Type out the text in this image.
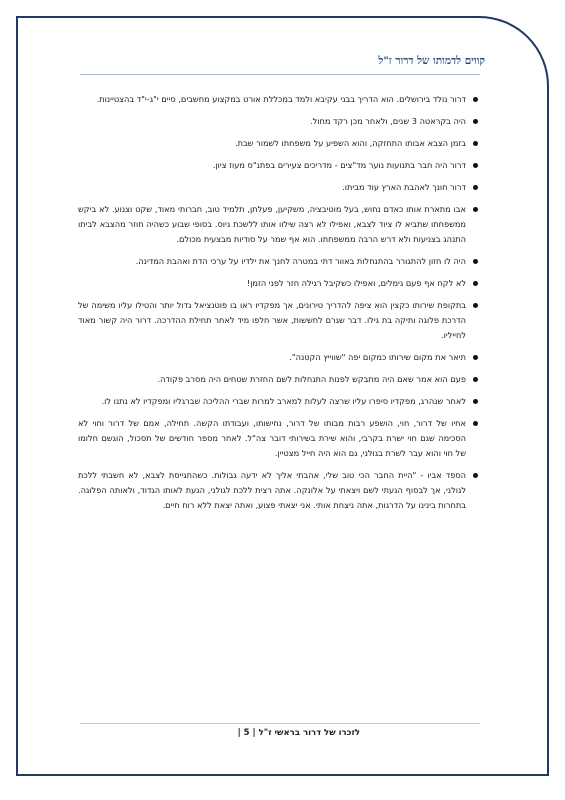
קווים לדמותו של דרור ז"ל
דרור נולד בירושלים. הוא הדריך בבני עקיבא ולמד במכללת אורט במקצוע מחשבים, סיים י"ג-י"ד בהצטיינות.
היה בקראטה 3 שנים, ולאחר מכן רקד מחול.
בזמן הצבא אבותו התחזקה, והוא השפיע על משפחתו לשמור שבת.
דרור היה חבר בתנועות נוער מד"צים - מדריכים צעירים בפתנ"ס מעוז ציון.
דרור חונך לאהבת הארץ עוד מביתו.
אבו מתארת אותו כאדם נחוש, בעל מוטיבציה, משקיען, פעלתן, תלמיד טוב, חברותי מאוד, שקט וצנוע. לא ביקש ממשפחתו שתביא לו ציוד לצבא, ואפילו לא רצה שילוו אותו ללשכת גיוס. בסופי שבוע כשהיה חוזר מהצבא לביתו התנהג בצניעות ולא דרש הרבה ממשפחתו. הוא אף שמר על סודיות מבצעית מכולם.
היה לו חזון להתגורר בהתנחלות באוור דתי במטרה לחנך את ילדיו על ערכי הדת ואהבת המדינה.
לא לקח אף פעם גימלים, ואפילו כשקיבל רגילה חזר לפני הזמן!
בתקופת שירותו כקצין הוא ציפה להדריך טירונים, אך מפקדיו ראו בו פוטנציאל גדול יותר והטילו עליו משימה של הדרכת פלוגה ותיקה בת גילו. דבר שגרם לחששות, אשר חלפו מיד לאחר תחילת ההדרכה. דרור היה קשור מאוד לחייליו.
תיאר את מקום שירותו כמקום יפה "שווייץ הקטנה".
פעם הוא אמר שאם היה מתבקש לפנות התנחלות לשם החזרת שטחים היה מסרב פקודה.
לאחר שנהרג, מפקדיו סיפרו עליו שרצה לעלות למארב למרות שברי ההליכה שברגליו ומפקדיו לא נתנו לו.
אחיו של דרור, חוי, הושפע רבות מבותו של דרור, נחישותו, ועבודתו הקשה. תחילה, אמם של דרור וחוי לא הסכימה שגם חוי ישרת בקרבי, והוא שירת בשירותי דובר צה"ל. לאחר מספר חודשים של תסכול, הוגשם חלומו של חוי והוא עבר לשרת בגולני, גם הוא היה חייל מצטיין.
הספד אביו - "היית החבר הכי טוב שלי, אהבתי אליך לא ידעה גבולות. כשהתגייסת לצבא, לא חשבתי ללכת לגולני, אך לבסוף הגעתי לשם ויצאתי על אלונקה. אתה רצית ללכת לגולני, הגעת לאותו הגדוד, ולאותה הפלוגה. בתחרות בינינו על הדרגות, אתה ניצחת אותי. אני יצאתי פצוע, ואתה יצאת ללא רוח חיים.
לזכרו של דרור בראשי ז"ל | 5 |
